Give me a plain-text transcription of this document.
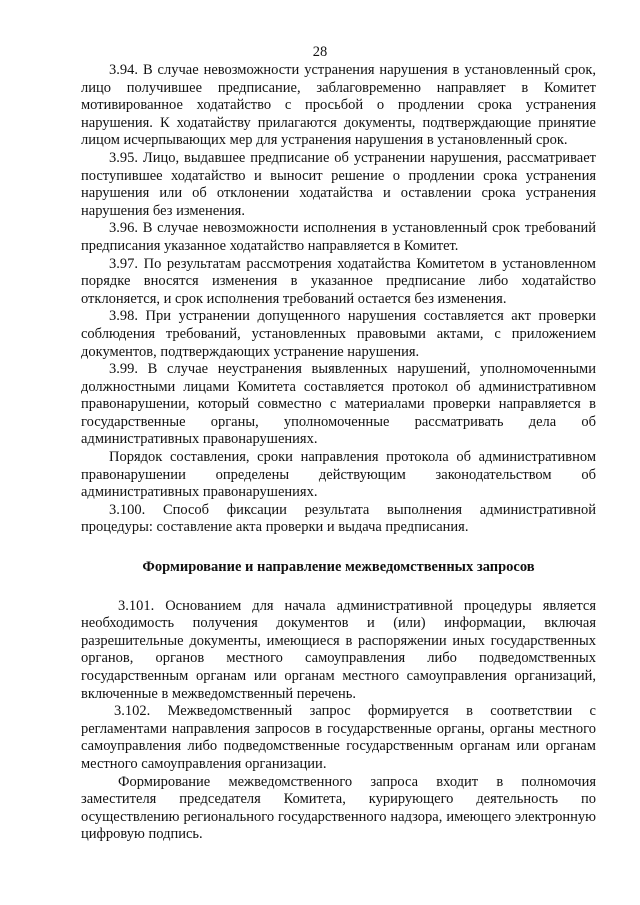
28

3.94. В случае невозможности устранения нарушения в установленный срок, лицо получившее предписание, заблаговременно направляет в Комитет мотивированное ходатайство с просьбой о продлении срока устранения нарушения. К ходатайству прилагаются документы, подтверждающие принятие лицом исчерпывающих мер для устранения нарушения в установленный срок.

3.95. Лицо, выдавшее предписание об устранении нарушения, рассматривает поступившее ходатайство и выносит решение о продлении срока устранения нарушения или об отклонении ходатайства и оставлении срока устранения нарушения без изменения.

3.96. В случае невозможности исполнения в установленный срок требований предписания указанное ходатайство направляется в Комитет.

3.97. По результатам рассмотрения ходатайства Комитетом в установленном порядке вносятся изменения в указанное предписание либо ходатайство отклоняется, и срок исполнения требований остается без изменения.

3.98. При устранении допущенного нарушения составляется акт проверки соблюдения требований, установленных правовыми актами, с приложением документов, подтверждающих устранение нарушения.

3.99. В случае неустранения выявленных нарушений, уполномоченными должностными лицами Комитета составляется протокол об административном правонарушении, который совместно с материалами проверки направляется в государственные органы, уполномоченные рассматривать дела об административных правонарушениях.

Порядок составления, сроки направления протокола об административном правонарушении определены действующим законодательством об административных правонарушениях.

3.100. Способ фиксации результата выполнения административной процедуры: составление акта проверки и выдача предписания.

Формирование и направление межведомственных запросов

3.101. Основанием для начала административной процедуры является необходимость получения документов и (или) информации, включая разрешительные документы, имеющиеся в распоряжении иных государственных органов, органов местного самоуправления либо подведомственных государственным органам или органам местного самоуправления организаций, включенные в межведомственный перечень.

3.102. Межведомственный запрос формируется в соответствии с регламентами направления запросов в государственные органы, органы местного самоуправления либо подведомственные государственным органам или органам местного самоуправления организации.

Формирование межведомственного запроса входит в полномочия заместителя председателя Комитета, курирующего деятельность по осуществлению регионального государственного надзора, имеющего электронную цифровую подпись.
